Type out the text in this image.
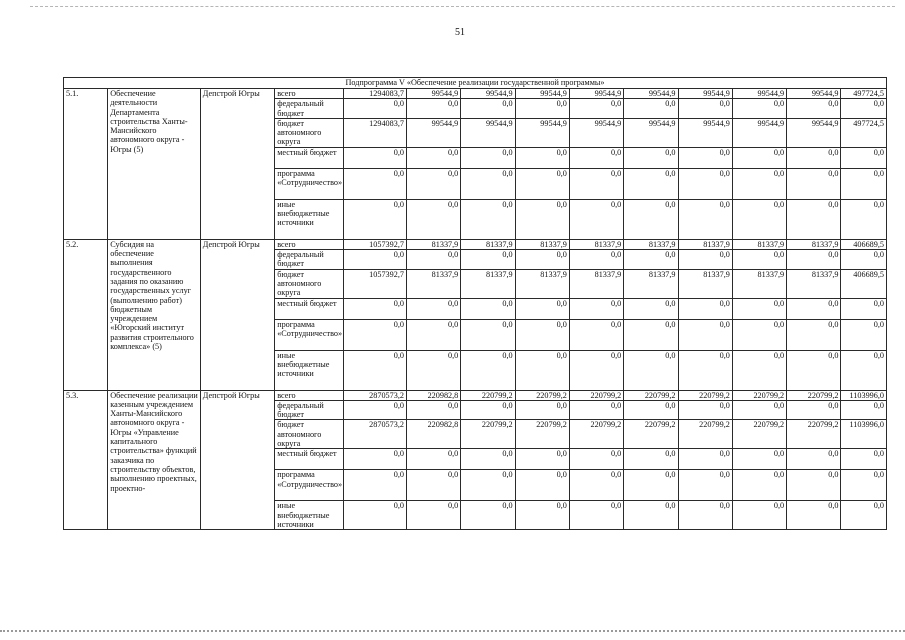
51
Подпрограмма V «Обеспечение реализации государственной программы»													
5.1.	Обеспечение деятельности Департамента строительства Ханты-Мансийского автономного округа - Югры (5)	Депстрой Югры	всего	1294083,7	99544,9	99544,9	99544,9	99544,9	99544,9	99544,9	99544,9	99544,9	497724,5
			федеральный бюджет	0,0	0,0	0,0	0,0	0,0	0,0	0,0	0,0	0,0	0,0
			бюджет автономного округа	1294083,7	99544,9	99544,9	99544,9	99544,9	99544,9	99544,9	99544,9	99544,9	497724,5
			местный бюджет	0,0	0,0	0,0	0,0	0,0	0,0	0,0	0,0	0,0	0,0
			программа «Сотрудничество»	0,0	0,0	0,0	0,0	0,0	0,0	0,0	0,0	0,0	0,0
			иные внебюджетные источники	0,0	0,0	0,0	0,0	0,0	0,0	0,0	0,0	0,0	0,0
5.2.	Субсидия на обеспечение выполнения государственного задания по оказанию государственных услуг (выполнению работ) бюджетным учреждением «Югорский институт развития строительного комплекса» (5)	Депстрой Югры	всего	1057392,7	81337,9	81337,9	81337,9	81337,9	81337,9	81337,9	81337,9	81337,9	406689,5
			федеральный бюджет	0,0	0,0	0,0	0,0	0,0	0,0	0,0	0,0	0,0	0,0
			бюджет автономного округа	1057392,7	81337,9	81337,9	81337,9	81337,9	81337,9	81337,9	81337,9	81337,9	406689,5
			местный бюджет	0,0	0,0	0,0	0,0	0,0	0,0	0,0	0,0	0,0	0,0
			программа «Сотрудничество»	0,0	0,0	0,0	0,0	0,0	0,0	0,0	0,0	0,0	0,0
			иные внебюджетные источники	0,0	0,0	0,0	0,0	0,0	0,0	0,0	0,0	0,0	0,0
5.3.	Обеспечение реализации казенным учреждением Ханты-Мансийского автономного округа - Югры «Управление капитального строительства» функций заказчика по строительству объектов, выполнению проектных, проектно-	Депстрой Югры	всего	2870573,2	220982,8	220799,2	220799,2	220799,2	220799,2	220799,2	220799,2	220799,2	1103996,0
			федеральный бюджет	0,0	0,0	0,0	0,0	0,0	0,0	0,0	0,0	0,0	0,0
			бюджет автономного округа	2870573,2	220982,8	220799,2	220799,2	220799,2	220799,2	220799,2	220799,2	220799,2	1103996,0
			местный бюджет	0,0	0,0	0,0	0,0	0,0	0,0	0,0	0,0	0,0	0,0
			программа «Сотрудничество»	0,0	0,0	0,0	0,0	0,0	0,0	0,0	0,0	0,0	0,0
			иные внебюджетные источники	0,0	0,0	0,0	0,0	0,0	0,0	0,0	0,0	0,0	0,0
